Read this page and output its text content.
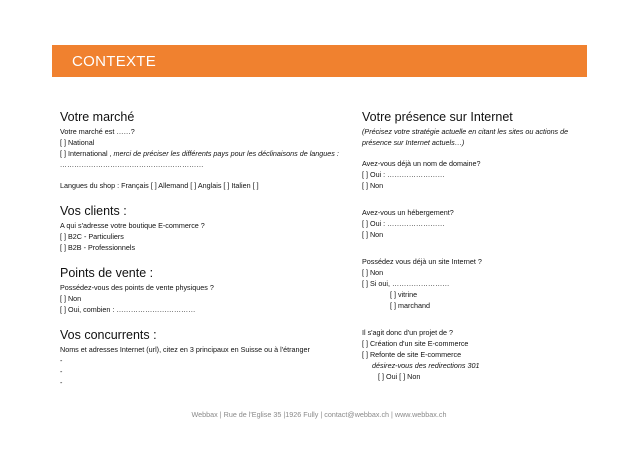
CONTEXTE
Votre marché
Votre marché est ……?
[ ] National
[ ] International , merci de préciser les différents pays pour les déclinaisons de langues : ……………………………………………………
Langues du shop : Français [ ] Allemand [ ] Anglais [ ] Italien [ ]
Vos clients :
A qui s'adresse votre boutique E-commerce ?
[ ] B2C - Particuliers
[ ] B2B - Professionnels
Points de vente :
Possédez-vous des points de vente physiques ?
[ ] Non
[ ] Oui, combien : ……………………………
Vos concurrents :
Noms et adresses Internet (url), citez en 3 principaux en Suisse ou à l'étranger
-
-
-
Votre présence sur Internet
(Précisez votre stratégie actuelle en citant les sites ou actions de présence sur Internet actuels…)
Avez-vous déjà un nom de domaine?
[ ] Oui : ……………………
[ ] Non
Avez-vous un hébergement?
[ ] Oui : ……………………
[ ] Non
Possédez vous déjà un site Internet ?
[ ] Non
[ ] Si oui, ……………………
[ ] vitrine
[ ] marchand
Il s'agit donc d'un projet de ?
[ ] Création d'un site E-commerce
[ ] Refonte de site E-commerce
désirez-vous des redirections 301
[ ] Oui [ ] Non
Webbax | Rue de l'Eglise 35 |1926 Fully | contact@webbax.ch | www.webbax.ch
